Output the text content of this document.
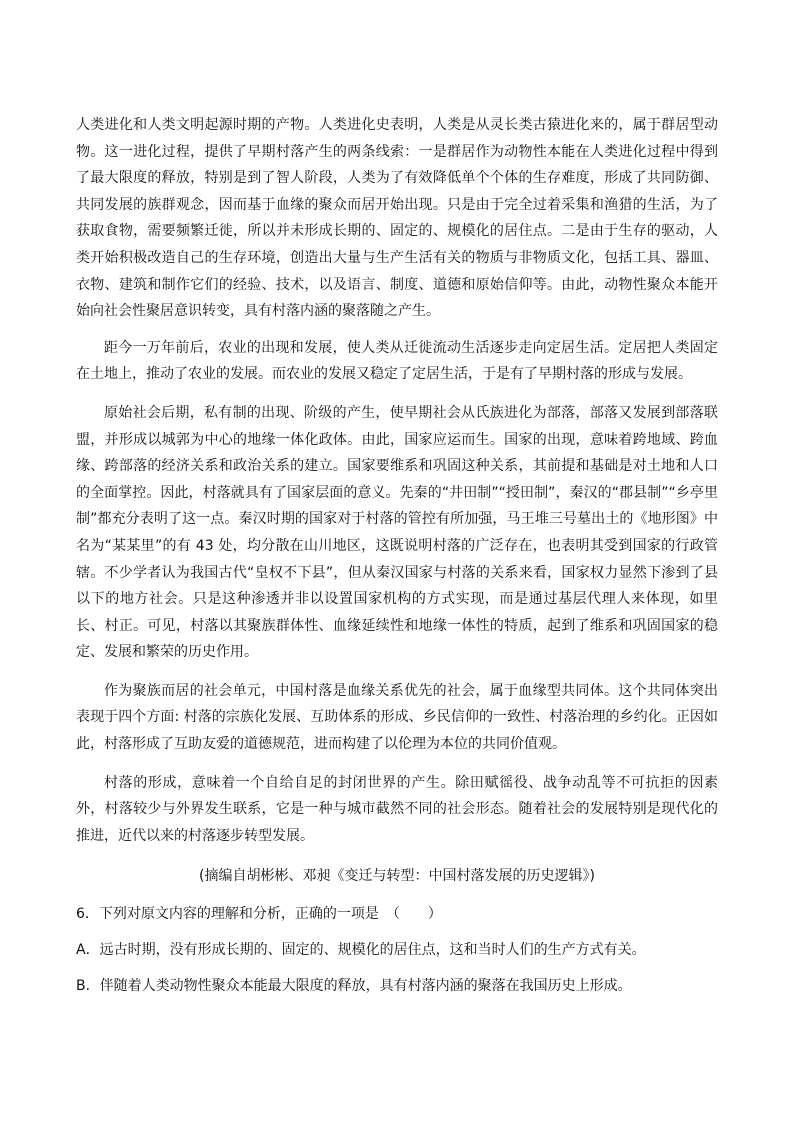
人类进化和人类文明起源时期的产物。人类进化史表明，人类是从灵长类古猿进化来的，属于群居型动物。这一进化过程，提供了早期村落产生的两条线索：一是群居作为动物性本能在人类进化过程中得到了最大限度的释放，特别是到了智人阶段，人类为了有效降低单个个体的生存难度，形成了共同防御、共同发展的族群观念，因而基于血缘的聚众而居开始出现。只是由于完全过着采集和渔猎的生活，为了获取食物，需要频繁迁徙，所以并未形成长期的、固定的、规模化的居住点。二是由于生存的驱动，人类开始积极改造自己的生存环境，创造出大量与生产生活有关的物质与非物质文化，包括工具、器皿、衣物、建筑和制作它们的经验、技术，以及语言、制度、道德和原始信仰等。由此，动物性聚众本能开始向社会性聚居意识转变，具有村落内涵的聚落随之产生。

距今一万年前后，农业的出现和发展，使人类从迁徙流动生活逐步走向定居生活。定居把人类固定在土地上，推动了农业的发展。而农业的发展又稳定了定居生活，于是有了早期村落的形成与发展。

原始社会后期，私有制的出现、阶级的产生，使早期社会从氏族进化为部落，部落又发展到部落联盟，并形成以城郭为中心的地缘一体化政体。由此，国家应运而生。国家的出现，意味着跨地域、跨血缘、跨部落的经济关系和政治关系的建立。国家要维系和巩固这种关系，其前提和基础是对土地和人口的全面掌控。因此，村落就具有了国家层面的意义。先秦的“井田制”“授田制”，秦汉的“郡县制”“乡亭里制”都充分表明了这一点。秦汉时期的国家对于村落的管控有所加强，马王堆三号墓出土的《地形图》中名为“某某里”的有 43 处，均分散在山川地区，这既说明村落的广泛存在，也表明其受到国家的行政管辖。不少学者认为我国古代“皇权不下县”，但从秦汉国家与村落的关系来看，国家权力显然下渗到了县以下的地方社会。只是这种渗透并非以设置国家机构的方式实现，而是通过基层代理人来体现，如里长、村正。可见，村落以其聚族群体性、血缘延续性和地缘一体性的特质，起到了维系和巩固国家的稳定、发展和繁荣的历史作用。

作为聚族而居的社会单元，中国村落是血缘关系优先的社会，属于血缘型共同体。这个共同体突出表现于四个方面: 村落的宗族化发展、互助体系的形成、乡民信仰的一致性、村落治理的乡约化。正因如此，村落形成了互助友爱的道德规范，进而构建了以伦理为本位的共同价值观。

村落的形成，意味着一个自给自足的封闭世界的产生。除田赋徭役、战争动乱等不可抗拒的因素外，村落较少与外界发生联系，它是一种与城市截然不同的社会形态。随着社会的发展特别是现代化的推进，近代以来的村落逐步转型发展。

(摘编自胡彬彬、邓昶《变迁与转型：中国村落发展的历史逻辑》)
6．下列对原文内容的理解和分析，正确的一项是　（　　）
A．远古时期，没有形成长期的、固定的、规模化的居住点，这和当时人们的生产方式有关。
B．伴随着人类动物性聚众本能最大限度的释放，具有村落内涵的聚落在我国历史上形成。
